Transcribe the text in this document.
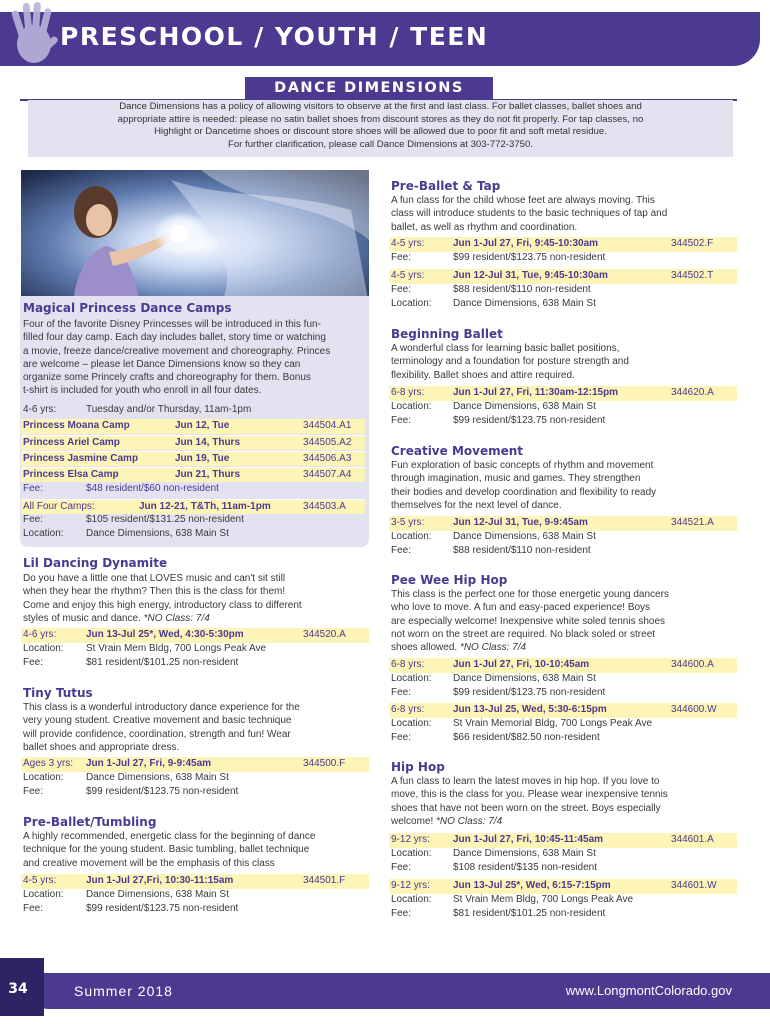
PRESCHOOL / YOUTH / TEEN
DANCE DIMENSIONS
Dance Dimensions has a policy of allowing visitors to observe at the first and last class. For ballet classes, ballet shoes and
appropriate attire is needed: please no satin ballet shoes from discount stores as they do not fit properly. For tap classes, no
Highlight or Dancetime shoes or discount store shoes will be allowed due to poor fit and soft metal residue.
For further clarification, please call Dance Dimensions at 303-772-3750.
Magical Princess Dance Camps
Four of the favorite Disney Princesses will be introduced in this fun-
filled four day camp. Each day includes ballet, story time or watching
a movie, freeze dance/creative movement and choreography. Princes
are welcome – please let Dance Dimensions know so they can
organize some Princely crafts and choreography for them. Bonus
t-shirt is included for youth who enroll in all four dates.
4-6 yrs:	Tuesday and/or Thursday, 11am-1pm
Princess Moana Camp	Jun 12, Tue	344504.A1
Princess Ariel Camp	Jun 14, Thurs	344505.A2
Princess Jasmine Camp	Jun 19, Tue	344506.A3
Princess Elsa Camp	Jun 21, Thurs	344507.A4
Fee:	$48 resident/$60 non-resident
All Four Camps:	Jun 12-21, T&Th, 11am-1pm	344503.A
Fee:	$105 resident/$131.25 non-resident
Location: Dance Dimensions, 638 Main St
Lil Dancing Dynamite
Do you have a little one that LOVES music and can't sit still
when they hear the rhythm? Then this is the class for them!
Come and enjoy this high energy, introductory class to different
styles of music and dance. *NO Class: 7/4
4-6 yrs:	Jun 13-Jul 25*, Wed, 4:30-5:30pm	344520.A
Location: St Vrain Mem Bldg, 700 Longs Peak Ave
Fee:	$81 resident/$101.25 non-resident
Tiny Tutus
This class is a wonderful introductory dance experience for the
very young student. Creative movement and basic technique
will provide confidence, coordination, strength and fun! Wear
ballet shoes and appropriate dress.
Ages 3 yrs: Jun 1-Jul 27, Fri, 9-9:45am	344500.F
Location: Dance Dimensions, 638 Main St
Fee:	$99 resident/$123.75 non-resident
Pre-Ballet/Tumbling
A highly recommended, energetic class for the beginning of dance
technique for the young student. Basic tumbling, ballet technique
and creative movement will be the emphasis of this class
4-5 yrs:	Jun 1-Jul 27,Fri, 10:30-11:15am	344501.F
Location: Dance Dimensions, 638 Main St
Fee:	$99 resident/$123.75 non-resident
Pre-Ballet & Tap
A fun class for the child whose feet are always moving. This
class will introduce students to the basic techniques of tap and
ballet, as well as rhythm and coordination.
4-5 yrs:	Jun 1-Jul 27, Fri, 9:45-10:30am	344502.F
Fee:	$99 resident/$123.75 non-resident
4-5 yrs:	Jun 12-Jul 31, Tue, 9:45-10:30am	344502.T
Fee:	$88 resident/$110 non-resident
Location: Dance Dimensions, 638 Main St
Beginning Ballet
A wonderful class for learning basic ballet positions,
terminology and a foundation for posture strength and
flexibility. Ballet shoes and attire required.
6-8 yrs:	Jun 1-Jul 27, Fri, 11:30am-12:15pm	344620.A
Location: Dance Dimensions, 638 Main St
Fee:	$99 resident/$123.75 non-resident
Creative Movement
Fun exploration of basic concepts of rhythm and movement
through imagination, music and games. They strengthen
their bodies and develop coordination and flexibility to ready
themselves for the next level of dance.
3-5 yrs:	Jun 12-Jul 31, Tue, 9-9:45am	344521.A
Location: Dance Dimensions, 638 Main St
Fee:	$88 resident/$110 non-resident
Pee Wee Hip Hop
This class is the perfect one for those energetic young dancers
who love to move. A fun and easy-paced experience! Boys
are especially welcome! Inexpensive white soled tennis shoes
not worn on the street are required. No black soled or street
shoes allowed. *NO Class: 7/4
6-8 yrs:	Jun 1-Jul 27, Fri, 10-10:45am	344600.A
Location: Dance Dimensions, 638 Main St
Fee:	$99 resident/$123.75 non-resident
6-8 yrs:	Jun 13-Jul 25, Wed, 5:30-6:15pm	344600.W
Location: St Vrain Memorial Bldg, 700 Longs Peak Ave
Fee:	$66 resident/$82.50 non-resident
Hip Hop
A fun class to learn the latest moves in hip hop. If you love to
move, this is the class for you. Please wear inexpensive tennis
shoes that have not been worn on the street. Boys especially
welcome! *NO Class: 7/4
9-12 yrs: Jun 1-Jul 27, Fri, 10:45-11:45am	344601.A
Location: Dance Dimensions, 638 Main St
Fee:	$108 resident/$135 non-resident
9-12 yrs: Jun 13-Jul 25*, Wed, 6:15-7:15pm	344601.W
Location: St Vrain Mem Bldg, 700 Longs Peak Ave
Fee:	$81 resident/$101.25 non-resident
34	Summer 2018	www.LongmontColorado.gov
